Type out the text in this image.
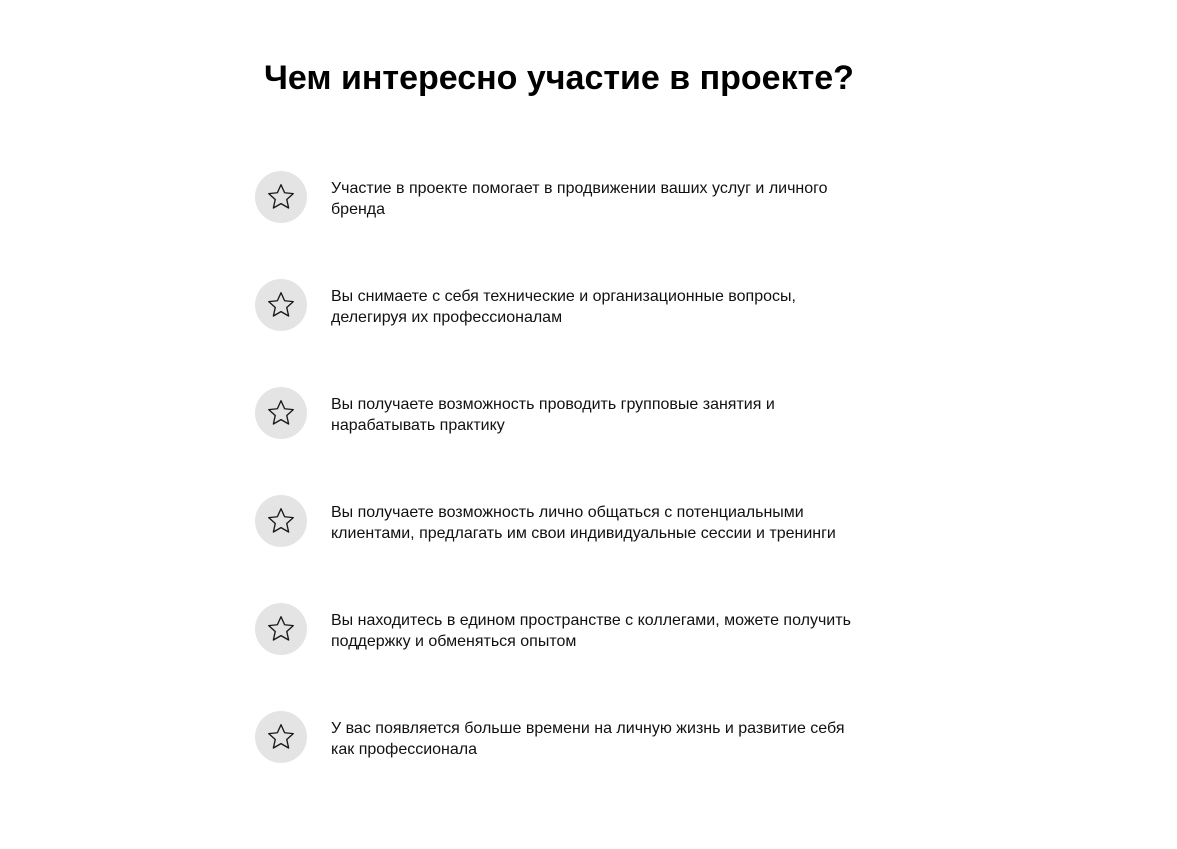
Чем интересно участие в проекте?
Участие в проекте помогает в продвижении ваших услуг и личного бренда
Вы снимаете с себя технические и организационные вопросы, делегируя их профессионалам
Вы получаете возможность проводить групповые занятия и нарабатывать практику
Вы получаете возможность лично общаться с потенциальными клиентами, предлагать им свои индивидуальные сессии и тренинги
Вы находитесь в едином пространстве с коллегами, можете получить поддержку и обменяться опытом
У вас появляется больше времени на личную жизнь и развитие себя как профессионала
